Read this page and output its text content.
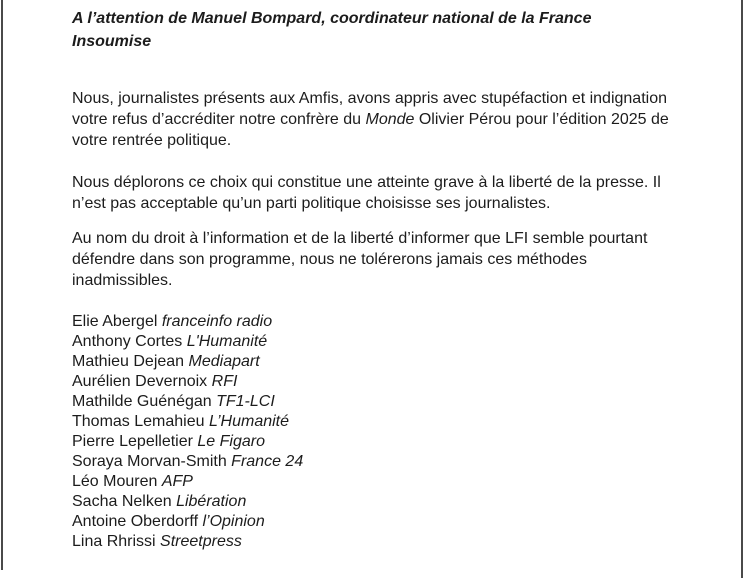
A l’attention de Manuel Bompard, coordinateur national de la France Insoumise
Nous, journalistes présents aux Amfis, avons appris avec stupéfaction et indignation votre refus d’accréditer notre confrère du Monde Olivier Pérou pour l’édition 2025 de votre rentrée politique.
Nous déplorons ce choix qui constitue une atteinte grave à la liberté de la presse. Il n’est pas acceptable qu’un parti politique choisisse ses journalistes.
Au nom du droit à l’information et de la liberté d’informer que LFI semble pourtant défendre dans son programme, nous ne tolérerons jamais ces méthodes inadmissibles.
Elie Abergel franceinfo radio
Anthony Cortes L'Humanité
Mathieu Dejean Mediapart
Aurélien Devernoix RFI
Mathilde Guénégan TF1-LCI
Thomas Lemahieu L’Humanité
Pierre Lepelletier Le Figaro
Soraya Morvan-Smith France 24
Léo Mouren AFP
Sacha Nelken Libération
Antoine Oberdorff l’Opinion
Lina Rhrissi Streetpress
